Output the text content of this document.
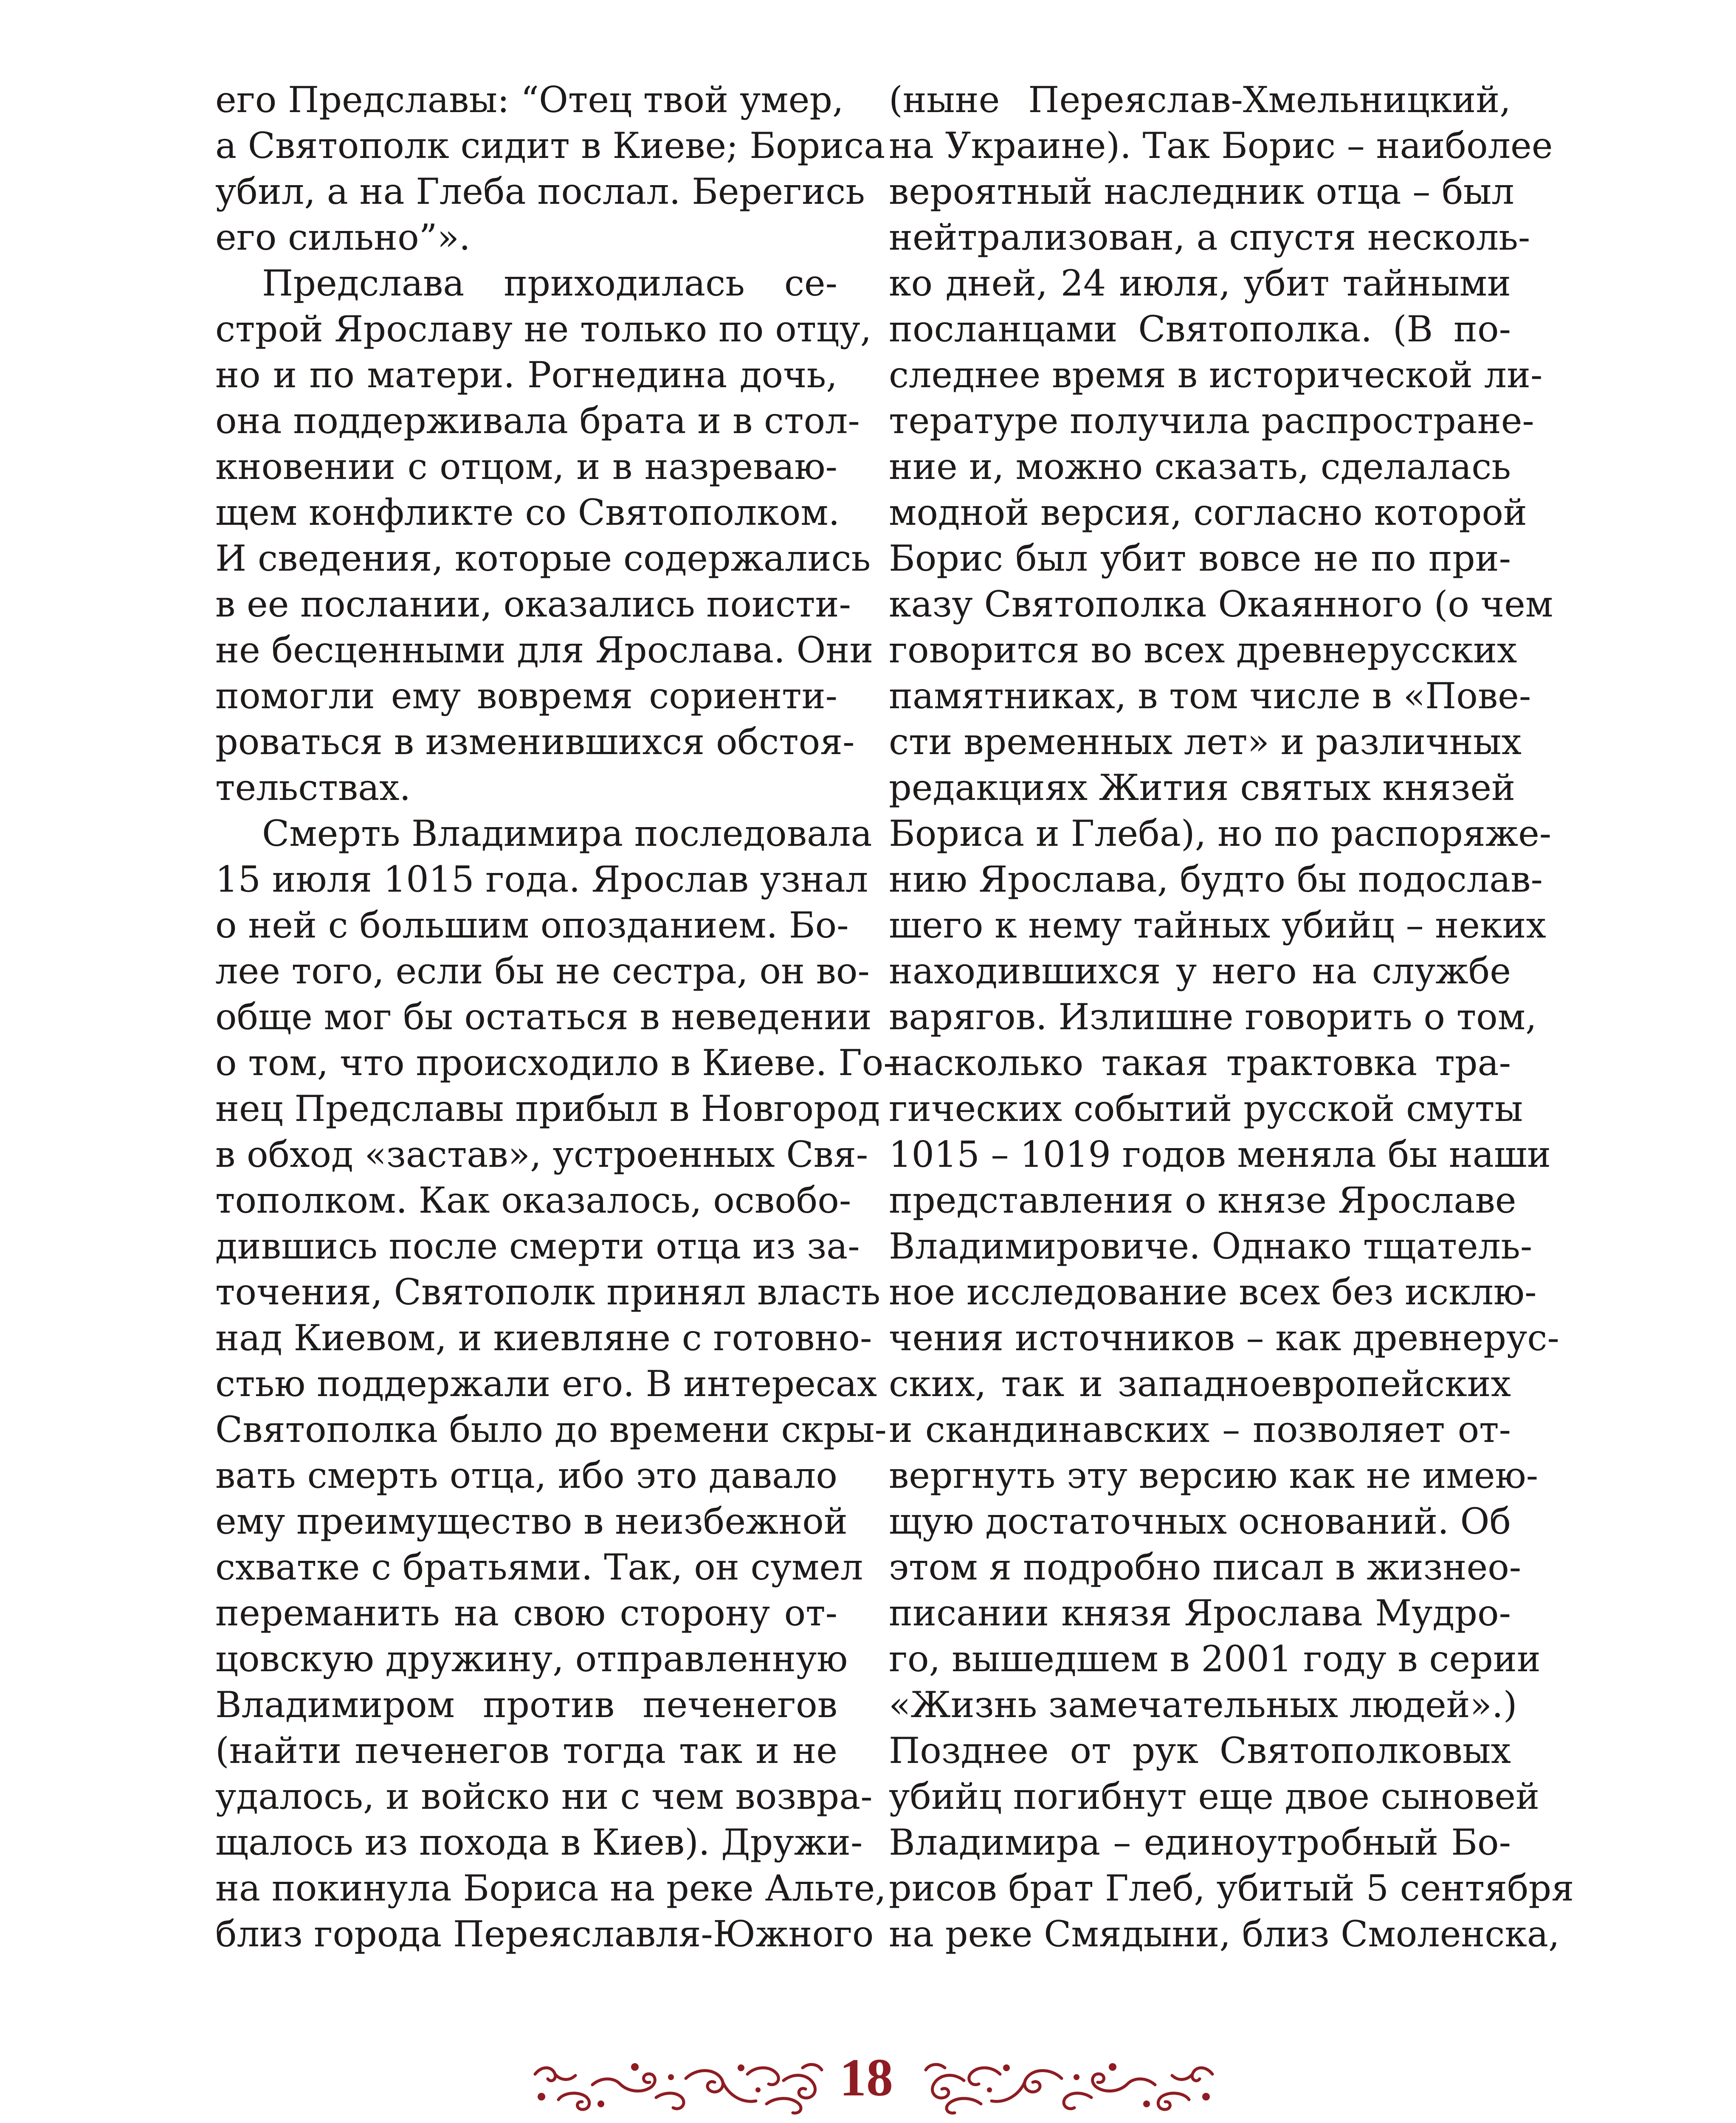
его Предславы: “Отец твой умер,
а Святополк сидит в Киеве; Бориса
убил, а на Глеба послал. Берегись
его сильно”».
Предслава приходилась се-
строй Ярославу не только по отцу,
но и по матери. Рогнедина дочь,
она поддерживала брата и в стол-
кновении с отцом, и в назреваю-
щем конфликте со Святополком.
И сведения, которые содержались
в ее послании, оказались поисти-
не бесценными для Ярослава. Они
помогли ему вовремя сориенти-
роваться в изменившихся обстоя-
тельствах.
Смерть Владимира последовала
15 июля 1015 года. Ярослав узнал
о ней с большим опозданием. Бо-
лее того, если бы не сестра, он во-
обще мог бы остаться в неведении
о том, что происходило в Киеве. Го-
нец Предславы прибыл в Новгород
в обход «застав», устроенных Свя-
тополком. Как оказалось, освобо-
дившись после смерти отца из за-
точения, Святополк принял власть
над Киевом, и киевляне с готовно-
стью поддержали его. В интересах
Святополка было до времени скры-
вать смерть отца, ибо это давало
ему преимущество в неизбежной
схватке с братьями. Так, он сумел
переманить на свою сторону от-
цовскую дружину, отправленную
Владимиром против печенегов
(найти печенегов тогда так и не
удалось, и войско ни с чем возвра-
щалось из похода в Киев). Дружи-
на покинула Бориса на реке Альте,
близ города Переяславля-Южного
(ныне Переяслав-Хмельницкий,
на Украине). Так Борис – наиболее
вероятный наследник отца – был
нейтрализован, а спустя несколь-
ко дней, 24 июля, убит тайными
посланцами Святополка. (В по-
следнее время в исторической ли-
тературе получила распростране-
ние и, можно сказать, сделалась
модной версия, согласно которой
Борис был убит вовсе не по при-
казу Святополка Окаянного (о чем
говорится во всех древнерусских
памятниках, в том числе в «Пове-
сти временных лет» и различных
редакциях Жития святых князей
Бориса и Глеба), но по распоряже-
нию Ярослава, будто бы подослав-
шего к нему тайных убийц – неких
находившихся у него на службе
варягов. Излишне говорить о том,
насколько такая трактовка тра-
гических событий русской смуты
1015 – 1019 годов меняла бы наши
представления о князе Ярославе
Владимировиче. Однако тщатель-
ное исследование всех без исклю-
чения источников – как древнерус-
ских, так и западноевропейских
и скандинавских – позволяет от-
вергнуть эту версию как не имею-
щую достаточных оснований. Об
этом я подробно писал в жизнео-
писании князя Ярослава Мудро-
го, вышедшем в 2001 году в серии
«Жизнь замечательных людей».)
Позднее от рук Святополковых
убийц погибнут еще двое сыновей
Владимира – единоутробный Бо-
рисов брат Глеб, убитый 5 сентября
на реке Смядыни, близ Смоленска,
18
